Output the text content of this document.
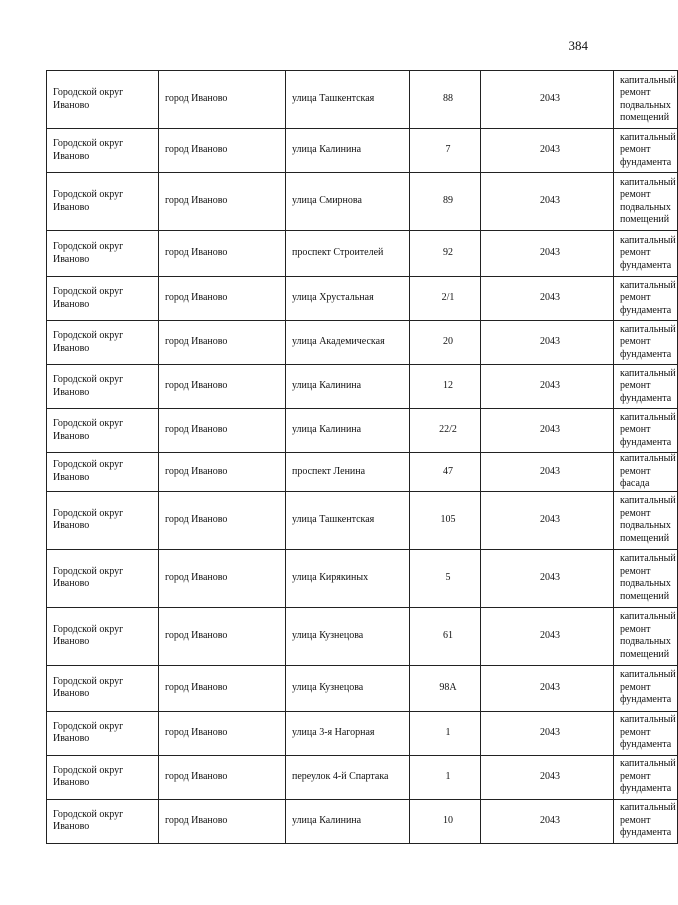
384
Городской округ Иваново	город Иваново	улица Ташкентская	88	2043	капитальный ремонт подвальных помещений
Городской округ Иваново	город Иваново	улица Калинина	7	2043	капитальный ремонт фундамента
Городской округ Иваново	город Иваново	улица Смирнова	89	2043	капитальный ремонт подвальных помещений
Городской округ Иваново	город Иваново	проспект Строителей	92	2043	капитальный ремонт фундамента
Городской округ Иваново	город Иваново	улица Хрустальная	2/1	2043	капитальный ремонт фундамента
Городской округ Иваново	город Иваново	улица Академическая	20	2043	капитальный ремонт фундамента
Городской округ Иваново	город Иваново	улица Калинина	12	2043	капитальный ремонт фундамента
Городской округ Иваново	город Иваново	улица Калинина	22/2	2043	капитальный ремонт фундамента
Городской округ Иваново	город Иваново	проспект Ленина	47	2043	капитальный ремонт фасада
Городской округ Иваново	город Иваново	улица Ташкентская	105	2043	капитальный ремонт подвальных помещений
Городской округ Иваново	город Иваново	улица Кирякиных	5	2043	капитальный ремонт подвальных помещений
Городской округ Иваново	город Иваново	улица Кузнецова	61	2043	капитальный ремонт подвальных помещений
Городской округ Иваново	город Иваново	улица Кузнецова	98А	2043	капитальный ремонт фундамента
Городской округ Иваново	город Иваново	улица 3-я Нагорная	1	2043	капитальный ремонт фундамента
Городской округ Иваново	город Иваново	переулок 4-й Спартака	1	2043	капитальный ремонт фундамента
Городской округ Иваново	город Иваново	улица Калинина	10	2043	капитальный ремонт фундамента
